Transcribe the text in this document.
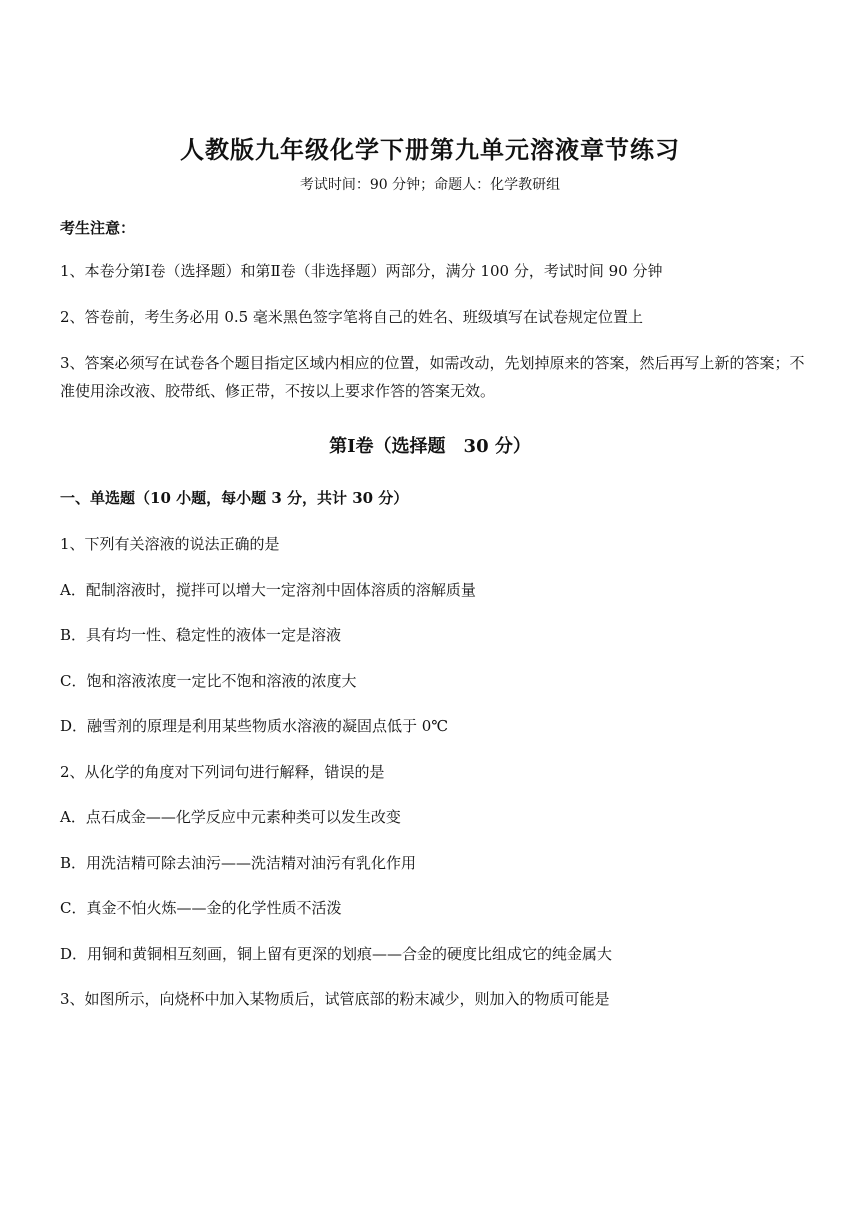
人教版九年级化学下册第九单元溶液章节练习
考试时间：90 分钟；命题人：化学教研组
考生注意：
1、本卷分第Ⅰ卷（选择题）和第Ⅱ卷（非选择题）两部分，满分 100 分，考试时间 90 分钟
2、答卷前，考生务必用 0.5 毫米黑色签字笔将自己的姓名、班级填写在试卷规定位置上
3、答案必须写在试卷各个题目指定区域内相应的位置，如需改动，先划掉原来的答案，然后再写上新的答案；不准使用涂改液、胶带纸、修正带，不按以上要求作答的答案无效。
第Ⅰ卷（选择题　30 分）
一、单选题（10 小题，每小题 3 分，共计 30 分）
1、下列有关溶液的说法正确的是
A．配制溶液时，搅拌可以增大一定溶剂中固体溶质的溶解质量
B．具有均一性、稳定性的液体一定是溶液
C．饱和溶液浓度一定比不饱和溶液的浓度大
D．融雪剂的原理是利用某些物质水溶液的凝固点低于 0℃
2、从化学的角度对下列词句进行解释，错误的是
A．点石成金——化学反应中元素种类可以发生改变
B．用洗洁精可除去油污——洗洁精对油污有乳化作用
C．真金不怕火炼——金的化学性质不活泼
D．用铜和黄铜相互刻画，铜上留有更深的划痕——合金的硬度比组成它的纯金属大
3、如图所示，向烧杯中加入某物质后，试管底部的粉末减少，则加入的物质可能是
